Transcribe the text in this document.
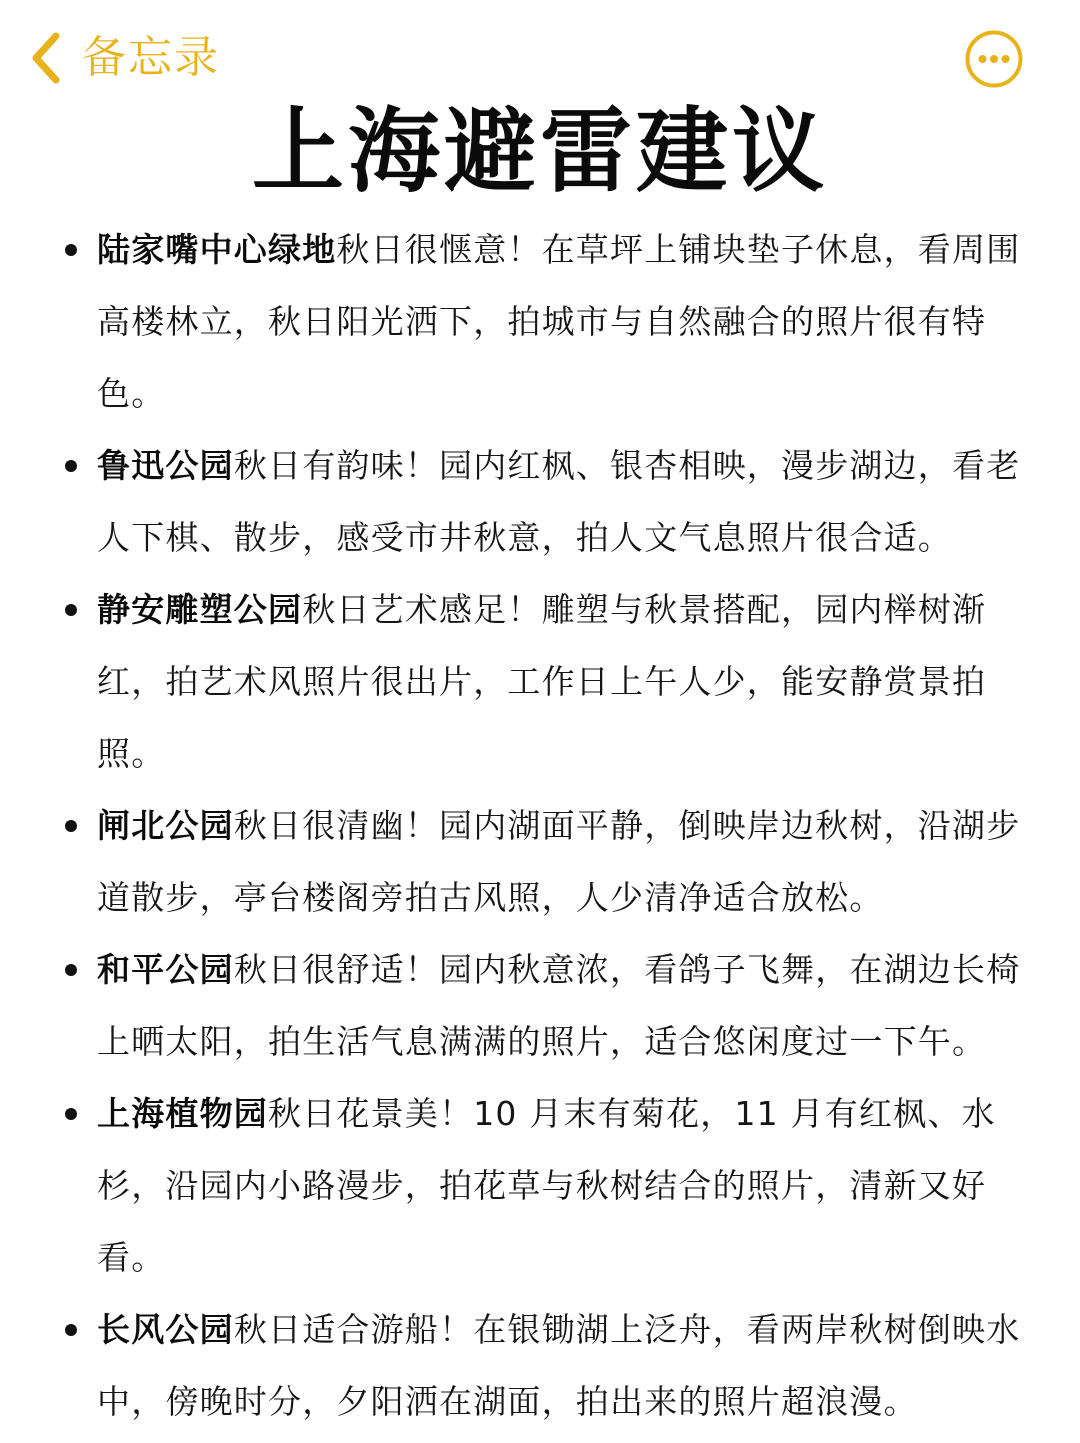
备忘录
上海避雷建议
陆家嘴中心绿地秋日很惬意！在草坪上铺块垫子休息，看周围高楼林立，秋日阳光洒下，拍城市与自然融合的照片很有特色。
鲁迅公园秋日有韵味！园内红枫、银杏相映，漫步湖边，看老人下棋、散步，感受市井秋意，拍人文气息照片很合适。
静安雕塑公园秋日艺术感足！雕塑与秋景搭配，园内榉树渐红，拍艺术风照片很出片，工作日上午人少，能安静赏景拍照。
闸北公园秋日很清幽！园内湖面平静，倒映岸边秋树，沿湖步道散步，亭台楼阁旁拍古风照，人少清净适合放松。
和平公园秋日很舒适！园内秋意浓，看鸽子飞舞，在湖边长椅上晒太阳，拍生活气息满满的照片，适合悠闲度过一下午。
上海植物园秋日花景美！10 月末有菊花，11 月有红枫、水杉，沿园内小路漫步，拍花草与秋树结合的照片，清新又好看。
长风公园秋日适合游船！在银锄湖上泛舟，看两岸秋树倒映水中，傍晚时分，夕阳洒在湖面，拍出来的照片超浪漫。
